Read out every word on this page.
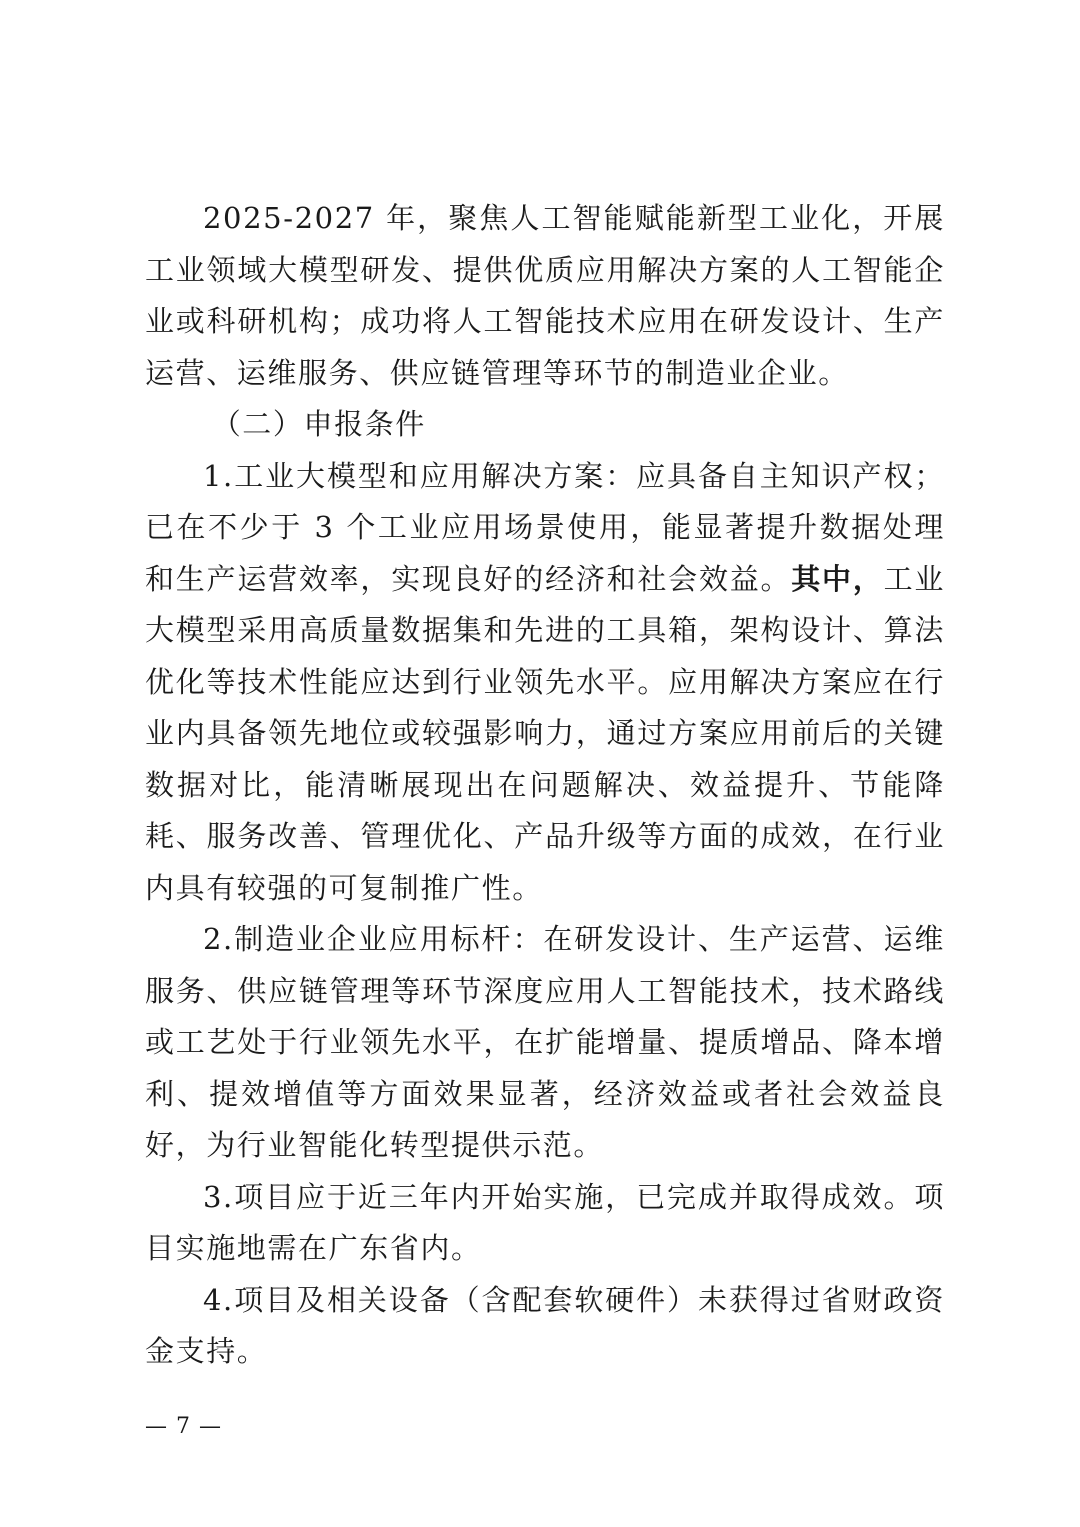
2025-2027 年，聚焦人工智能赋能新型工业化，开展工业领域大模型研发、提供优质应用解决方案的人工智能企业或科研机构；成功将人工智能技术应用在研发设计、生产运营、运维服务、供应链管理等环节的制造业企业。

（二）申报条件

1.工业大模型和应用解决方案：应具备自主知识产权；已在不少于 3 个工业应用场景使用，能显著提升数据处理和生产运营效率，实现良好的经济和社会效益。其中，工业大模型采用高质量数据集和先进的工具箱，架构设计、算法优化等技术性能应达到行业领先水平。应用解决方案应在行业内具备领先地位或较强影响力，通过方案应用前后的关键数据对比，能清晰展现出在问题解决、效益提升、节能降耗、服务改善、管理优化、产品升级等方面的成效，在行业内具有较强的可复制推广性。

2.制造业企业应用标杆：在研发设计、生产运营、运维服务、供应链管理等环节深度应用人工智能技术，技术路线或工艺处于行业领先水平，在扩能增量、提质增品、降本增利、提效增值等方面效果显著，经济效益或者社会效益良好，为行业智能化转型提供示范。

3.项目应于近三年内开始实施，已完成并取得成效。项目实施地需在广东省内。

4.项目及相关设备（含配套软硬件）未获得过省财政资金支持。

— 7 —
